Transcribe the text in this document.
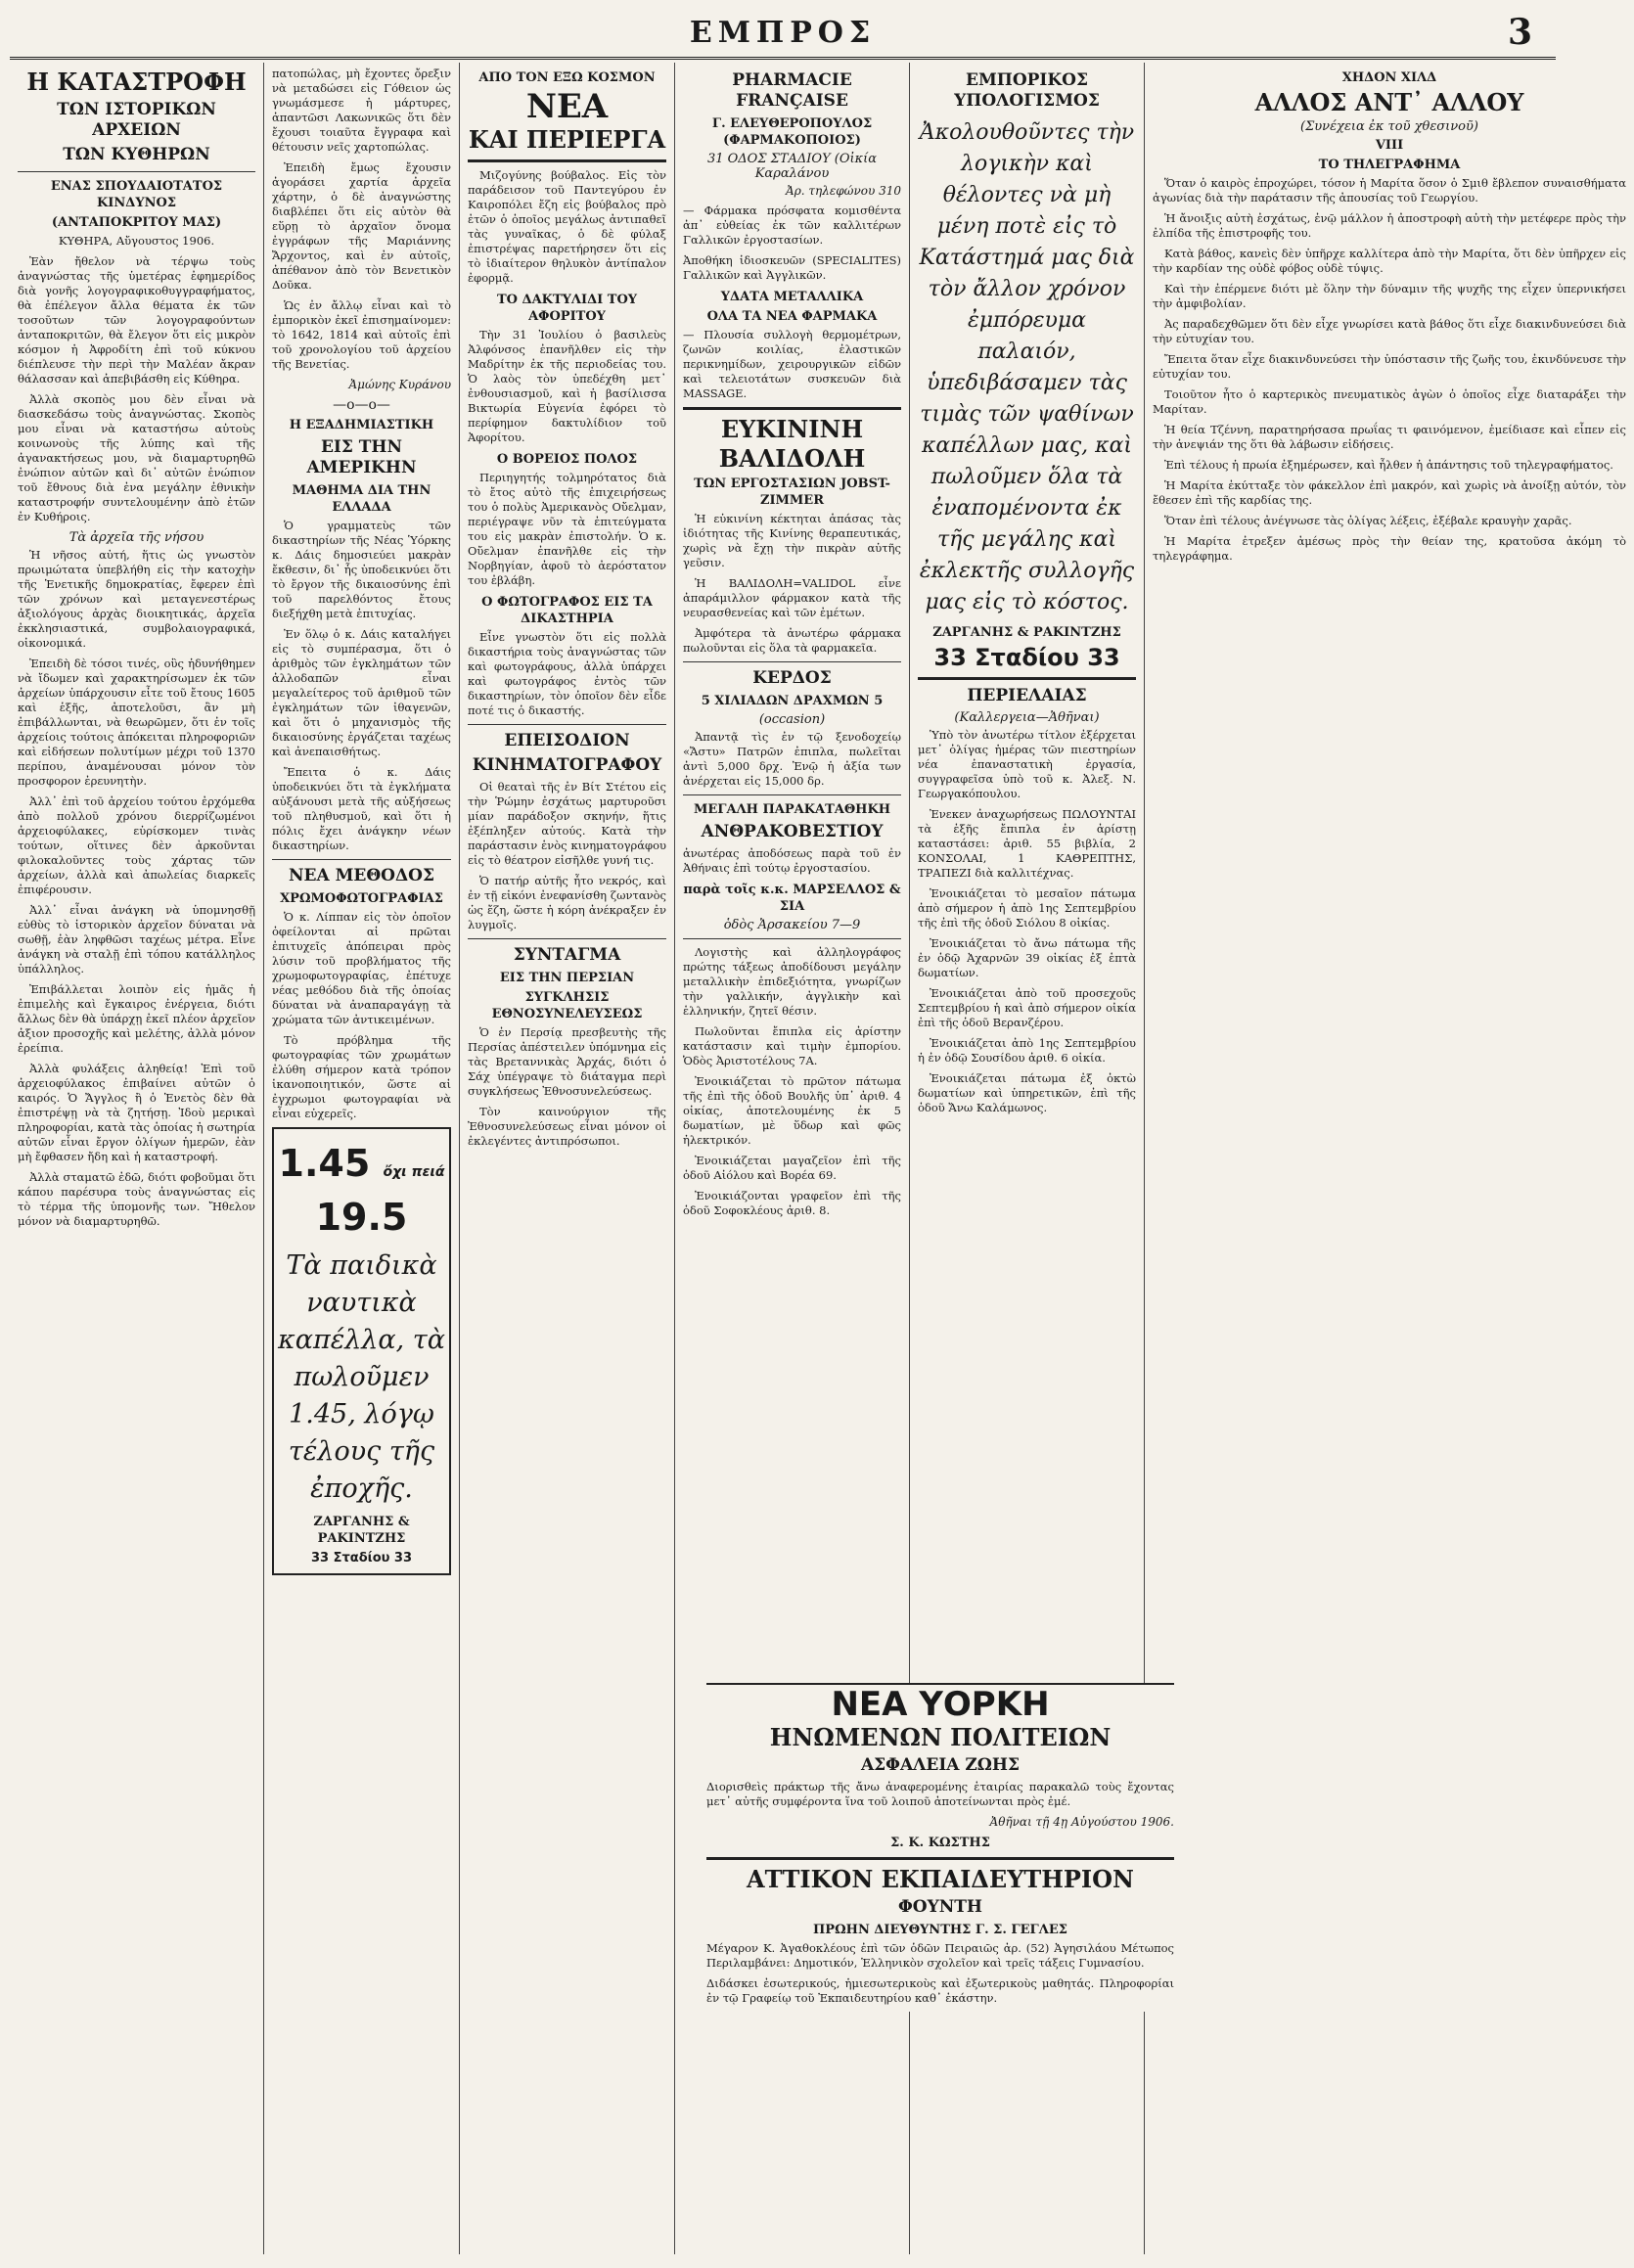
ΕΜΠΡΟΣ	3
Η ΚΑΤΑΣΤΡΟΦΗ
ΤΩΝ ΙΣΤΟΡΙΚΩΝ ΑΡΧΕΙΩΝ
ΤΩΝ ΚΥΘΗΡΩΝ
ΕΝΑΣ ΣΠΟΥΔΑΙΟΤΑΤΟΣ ΚΙΝΔΥΝΟΣ
(ΑΝΤΑΠΟΚΡΙΤΟΥ ΜΑΣ)

ΚΥΘΗΡΑ, Αὔγουστος 1906.

Ἐὰν ἤθελον νὰ τέρψω τοὺς ἀναγνώστας τῆς ὑμετέρας ἐφημερίδος διὰ γονῆς λογογραφικοθυγγραφήματος, θὰ ἐπέλεγον ἄλλα θέματα ἐκ τῶν τοσοῦτων τῶν λογογραφούντων ἀνταποκριτῶν, θὰ ἔλεγον ὅτι εἰς μικρὸν κόσμον ἡ Ἀφροδίτη ἐπὶ τοῦ κύκνου διέπλευσε τὴν περὶ τὴν Μαλέαν ἄκραν θάλασσαν καὶ ἀπεβιβάσθη εἰς Κύθηρα.

Ἀλλὰ σκοπὸς μου δὲν εἶναι νὰ διασκεδάσω τοὺς ἀναγνώστας. Σκοπὸς μου εἶναι νὰ καταστήσω αὐτοὺς κοινωνοὺς τῆς λύπης καὶ τῆς ἀγανακτήσεως μου, νὰ διαμαρτυρηθῶ ἐνώπιον αὐτῶν καὶ δι᾽ αὐτῶν ἐνώπιον τοῦ ἔθνους διὰ ἐνα μεγάλην ἐθνικὴν καταστροφήν συντελουμένην ἀπὸ ἐτῶν ἐν Κυθήροις.

Τὰ ἀρχεῖα τῆς νήσου

Ἡ νῆσος αὐτή, ἥτις ὡς γνωστὸν πρωιμώτατα ὑπεβλήθη εἰς τὴν κατοχὴν τῆς Ἑνετικῆς δημοκρατίας, ἔφερεν ἐπὶ τῶν χρόνων καὶ μεταγενεστέρως ἀξιολόγους ἀρχὰς διοικητικάς, ἀρχεῖα ἐκκλησιαστικά, συμβολαιογραφικά, οἰκονομικά.

Ἐπειδὴ δὲ τόσοι τινές, οὓς ἠδυνήθημεν νὰ ἴδωμεν καὶ χαρακτηρίσωμεν ἐκ τῶν ἀρχείων ὑπάρχουσιν εἶτε τοῦ ἔτους 1605 καὶ ἑξῆς, ἀποτελοῦσι, ἂν μὴ ἐπιβάλλωνται, νὰ θεωρῶμεν, ὅτι ἐν τοῖς ἀρχείοις τούτοις ἀπόκειται πληροφοριῶν καὶ εἰδήσεων πολυτίμων μέχρι τοῦ 1370 περίπου, ἀναμένουσαι μόνον τὸν προσφορον ἐρευνητὴν.

Ἀλλ᾽ ἐπὶ τοῦ ἀρχείου τούτου ἐρχόμεθα ἀπὸ πολλοῦ χρόνου διερρίζωμένοι ἀρχειοφύλακες, εὑρίσκομεν τινὰς τούτων, οἵτινες δὲν ἀρκοῦνται φιλοκαλοῦντες τοὺς χάρτας τῶν ἀρχείων, ἀλλὰ καὶ ἀπωλείας διαρκεῖς ἐπιφέρουσιν.

Ἀλλ᾽ εἶναι ἀνάγκη νὰ ὑπομνησθῇ εὐθὺς τὸ ἱστορικὸν ἀρχεῖον δύναται νὰ σωθῇ, ἐὰν ληφθῶσι ταχέως μέτρα. Εἶνε ἀνάγκη νὰ σταλῇ ἐπὶ τόπου κατάλληλος ὑπάλληλος.

Ἐπιβάλλεται λοιπὸν εἰς ἡμᾶς ἡ ἐπιμελὴς καὶ ἔγκαιρος ἐνέργεια, διότι ἄλλως δὲν θὰ ὑπάρχῃ ἐκεῖ πλέον ἀρχεῖον ἀξιον προσοχῆς καὶ μελέτης, ἀλλὰ μόνον ἐρείπια.

Ἀλλὰ φυλάξεις ἀληθείᾳ! Ἐπὶ τοῦ ἀρχειοφύλακος ἐπιβαίνει αὐτῶν ὁ καιρός. Ὁ Ἄγγλος ἢ ὁ Ἑνετὸς δὲν θὰ ἐπιστρέψῃ νὰ τὰ ζητήσῃ. Ἰδοὺ μερικαὶ πληροφορίαι, κατὰ τὰς ὁποίας ἡ σωτηρία αὐτῶν εἶναι ἔργον ὀλίγων ἡμερῶν, ἐὰν μὴ ἔφθασεν ἤδη καὶ ἡ καταστροφή.

Ἀλλὰ σταματῶ ἐδῶ, διότι φοβοῦμαι ὅτι κάπου παρέσυρα τοὺς ἀναγνώστας εἰς τὸ τέρμα τῆς ὑπομονῆς των. Ἤθελον μόνον νὰ διαμαρτυρηθῶ.

πατοπώλας, μὴ ἔχοντες ὄρεξιν νὰ μεταδώσει εἰς Γόθειον ὡς γνωμάσμεσε ἡ μάρτυρες, ἀπαντῶσι Λακωνικῶς ὅτι δὲν ἔχουσι τοιαῦτα ἔγγραφα καὶ θέτουσιν νεῖς χαρτοπώλας.

Ἐπειδὴ ἔμως ἔχουσιν ἀγοράσει χαρτία ἀρχεῖα χάρτην, ὁ δὲ ἀναγνώστης διαβλέπει ὅτι εἰς αὐτὸν θὰ εὕρῃ τὸ ἀρχαῖον ὄνομα ἐγγράφων τῆς Μαριάννης Ἄρχοντος, καὶ ἐν αὐτοῖς, ἀπέθανον ἀπὸ τὸν Βενετικὸν Δοῦκα.

Ὡς ἐν ἄλλῳ εἶναι καὶ τὸ ἐμπορικὸν ἐκεῖ ἐπισημαίνομεν: τὸ 1642, 1814 καὶ αὐτοῖς ἐπὶ τοῦ χρονολογίου τοῦ ἀρχείου τῆς Βενετίας.

Ἀμώνης Κυράνου
—ο—ο—
Η ΕΞΑΔΗΜΙΑΣΤΙΚΗ
ΕΙΣ ΤΗΝ ΑΜΕΡΙΚΗΝ
ΜΑΘΗΜΑ ΔΙΑ ΤΗΝ ΕΛΛΑΔΑ

Ὁ γραμματεὺς τῶν δικαστηρίων τῆς Νέας Ὑόρκης κ. Δάις δημοσιεύει μακρὰν ἔκθεσιν, δι᾽ ἧς ὑποδεικνύει ὅτι τὸ ἔργον τῆς δικαιοσύνης ἐπὶ τοῦ παρελθόντος ἔτους διεξήχθη μετὰ ἐπιτυχίας.

Ἐν ὅλῳ ὁ κ. Δάις καταλήγει εἰς τὸ συμπέρασμα, ὅτι ὁ ἀριθμὸς τῶν ἐγκλημάτων τῶν ἀλλοδαπῶν εἶναι μεγαλείτερος τοῦ ἀριθμοῦ τῶν ἐγκλημάτων τῶν ἰθαγενῶν, καὶ ὅτι ὁ μηχανισμὸς τῆς δικαιοσύνης ἐργάζεται ταχέως καὶ ἀνεπαισθήτως.

Ἔπειτα ὁ κ. Δάις ὑποδεικνύει ὅτι τὰ ἐγκλήματα αὐξάνουσι μετὰ τῆς αὐξήσεως τοῦ πληθυσμοῦ, καὶ ὅτι ἡ πόλις ἔχει ἀνάγκην νέων δικαστηρίων.

ΝΕΑ ΜΕΘΟΔΟΣ
ΧΡΩΜΟΦΩΤΟΓΡΑΦΙΑΣ

Ὁ κ. Λίππαν εἰς τὸν ὁποῖον ὀφείλονται αἱ πρῶται ἐπιτυχεῖς ἀπόπειραι πρὸς λύσιν τοῦ προβλήματος τῆς χρωμοφωτογραφίας, ἐπέτυχε νέας μεθόδου διὰ τῆς ὁποίας δύναται νὰ ἀναπαραγάγῃ τὰ χρώματα τῶν ἀντικειμένων.

Τὸ πρόβλημα τῆς φωτογραφίας τῶν χρωμάτων ἐλύθη σήμερον κατὰ τρόπον ἱκανοποιητικόν, ὥστε αἱ ἐγχρωμοι φωτογραφίαι νὰ εἶναι εὐχερεῖς.

1.45 ὄχι πειά 19.5
Τὰ παιδικὰ ναυτικὰ καπέλλα, τὰ πωλοῦμεν 1.45, λόγῳ τέλους τῆς ἐποχῆς.
ΖΑΡΓΑΝΗΣ & ΡΑΚΙΝΤΖΗΣ
33 Σταδίου 33
ΑΠΟ ΤΟΝ ΕΞΩ ΚΟΣΜΟΝ
ΝΕΑ
ΚΑΙ ΠΕΡΙΕΡΓΑ

Μιζογύνης βούβαλος. Εἰς τὸν παράδεισον τοῦ Παντεγύρου ἐν Καιροπόλει ἔζη εἰς βούβαλος πρὸ ἐτῶν ὁ ὁποῖος μεγάλως ἀντιπαθεῖ τὰς γυναῖκας, ὁ δὲ φύλαξ ἐπιστρέψας παρετήρησεν ὅτι εἰς τὸ ἰδιαίτερον θηλυκὸν ἀντίπαλον ἐφορμᾷ.

ΤΟ ΔΑΚΤΥΛΙΔΙ ΤΟΥ ΑΦΟΡΙΤΟΥ

Τὴν 31 Ἰουλίου ὁ βασιλεὺς Ἀλφόνσος ἐπανῆλθεν εἰς τὴν Μαδρίτην ἐκ τῆς περιοδείας του. Ὁ λαὸς τὸν ὑπεδέχθη μετ᾽ ἐνθουσιασμοῦ, καὶ ἡ βασίλισσα Βικτωρία Εὐγενία ἐφόρει τὸ περίφημον δακτυλίδιον τοῦ Ἀφορίτου.

Ο ΒΟΡΕΙΟΣ ΠΟΛΟΣ

Περιηγητής τολμηρότατος διὰ τὸ ἔτος αὐτὸ τῆς ἐπιχειρήσεως του ὁ πολὺς Ἀμερικανὸς Οὔελμαν, περιέγραψε νῦν τὰ ἐπιτεύγματα του εἰς μακρὰν ἐπιστολήν. Ὁ κ. Οὔελμαν ἐπανῆλθε εἰς τὴν Νορβηγίαν, ἀφοῦ τὸ ἀερόστατον του ἐβλάβη.

Ο ΦΩΤΟΓΡΑΦΟΣ ΕΙΣ ΤΑ ΔΙΚΑΣΤΗΡΙΑ

Εἶνε γνωστὸν ὅτι εἰς πολλὰ δικαστήρια τοὺς ἀναγνώστας τῶν καὶ φωτογράφους, ἀλλὰ ὑπάρχει καὶ φωτογράφος ἐντὸς τῶν δικαστηρίων, τὸν ὁποῖον δὲν εἶδε ποτέ τις ὁ δικαστής.

ΕΠΕΙΣΟΔΙΟΝ
ΚΙΝΗΜΑΤΟΓΡΑΦΟΥ

Οἱ θεαταὶ τῆς ἐν Βίτ Στέτου εἰς τὴν Ῥώμην ἐσχάτως μαρτυροῦσι μίαν παράδοξον σκηνήν, ἥτις ἐξέπληξεν αὐτούς. Κατὰ τὴν παράστασιν ἑνὸς κινηματογράφου εἰς τὸ θέατρον εἰσῆλθε γυνή τις.

Ὁ πατήρ αὐτῆς ἦτο νεκρός, καὶ ἐν τῇ εἰκόνι ἐνεφανίσθη ζωντανὸς ὡς ἔζη, ὥστε ἡ κόρη ἀνέκραξεν ἐν λυγμοῖς.

ΣΥΝΤΑΓΜΑ
ΕΙΣ ΤΗΝ ΠΕΡΣΙΑΝ
ΣΥΓΚΛΗΣΙΣ ΕΘΝΟΣΥΝΕΛΕΥΣΕΩΣ

Ὁ ἐν Περσίᾳ πρεσβευτὴς τῆς Περσίας ἀπέστειλεν ὑπόμνημα εἰς τὰς Βρεταννικὰς Ἀρχάς, διότι ὁ Σάχ ὑπέγραψε τὸ διάταγμα περὶ συγκλήσεως Ἐθνοσυνελεύσεως.

Τὸν καινούργιον τῆς Ἐθνοσυνελεύσεως εἶναι μόνον οἱ ἐκλεγέντες ἀντιπρόσωποι.

PHARMACIE FRANÇAISE
Γ. ΕΛΕΥΘΕΡΟΠΟΥΛΟΣ (ΦΑΡΜΑΚΟΠΟΙΟΣ)
31 ΟΔΟΣ ΣΤΑΔΙΟΥ (Οἰκία Καραλάνου
Ἀρ. τηλεφώνου 310

— Φάρμακα πρόσφατα κομισθέντα ἀπ᾽ εὐθείας ἐκ τῶν καλλιτέρων Γαλλικῶν ἐργοστασίων.

Ἀποθήκη ἰδιοσκευῶν (SPECIALITES) Γαλλικῶν καὶ Ἀγγλικῶν.

ΥΔΑΤΑ ΜΕΤΑΛΛΙΚΑ
ΟΛΑ ΤΑ ΝΕΑ ΦΑΡΜΑΚΑ

— Πλουσία συλλογὴ θερμομέτρων, ζωνῶν κοιλίας, ἐλαστικῶν περικνημίδων, χειρουργικῶν εἰδῶν καὶ τελειοτάτων συσκευῶν διὰ MASSAGE.

ΕΥΚΙΝΙΝΗ
ΒΑΛΙΔΟΛΗ
ΤΩΝ ΕΡΓΟΣΤΑΣΙΩΝ JOBST-ZIMMER

Ἡ εὐκινίνη κέκτηται ἁπάσας τὰς ἰδιότητας τῆς Κινίνης θεραπευτικάς, χωρὶς νὰ ἔχῃ τὴν πικρὰν αὐτῆς γεῦσιν.

Ἡ ΒΑΛΙΔΟΛΗ=VALIDOL εἶνε ἀπαράμιλλον φάρμακον κατὰ τῆς νευρασθενείας καὶ τῶν ἐμέτων.

Ἀμφότερα τὰ ἀνωτέρω φάρμακα πωλοῦνται εἰς ὅλα τὰ φαρμακεῖα.

ΚΕΡΔΟΣ
5 ΧΙΛΙΑΔΩΝ ΔΡΑΧΜΩΝ 5
(occasion)

Ἀπαντᾷ τὶς ἐν τῷ ξενοδοχείῳ «Ἄστυ» Πατρῶν ἐπιπλα, πωλεῖται ἀντὶ 5,000 δρχ. Ἐνῷ ἡ ἀξία των ἀνέρχεται εἰς 15,000 δρ.

ΜΕΓΑΛΗ ΠΑΡΑΚΑΤΑΘΗΚΗ
ΑΝΘΡΑΚΟΒΕΣΤΙΟΥ

ἀνωτέρας ἀποδόσεως παρὰ τοῦ ἐν Ἀθήναις ἐπὶ τούτῳ ἐργοστασίου.

παρὰ τοῖς κ.κ. ΜΑΡΣΕΛΛΟΣ & ΣΙΑ
ὁδὸς Ἀρσακείου 7—9

Λογιστὴς καὶ ἀλληλογράφος πρώτης τάξεως ἀποδίδουσι μεγάλην μεταλλικὴν ἐπιδεξιότητα, γνωρίζων τὴν γαλλικήν, ἀγγλικὴν καὶ ἑλληνικήν, ζητεῖ θέσιν.

Πωλοῦνται ἔπιπλα εἰς ἀρίστην κατάστασιν καὶ τιμὴν ἐμπορίου. Ὁδὸς Ἀριστοτέλους 7Α.

Ἐνοικιάζεται τὸ πρῶτον πάτωμα τῆς ἐπὶ τῆς ὁδοῦ Βουλῆς ὑπ᾽ ἀριθ. 4 οἰκίας, ἀποτελουμένης ἐκ 5 δωματίων, μὲ ὕδωρ καὶ φῶς ἠλεκτρικόν.

Ἐνοικιάζεται μαγαζεῖον ἐπὶ τῆς ὁδοῦ Αἰόλου καὶ Βορέα 69.

Ἐνοικιάζονται γραφεῖον ἐπὶ τῆς ὁδοῦ Σοφοκλέους ἀριθ. 8.

ΕΜΠΟΡΙΚΟΣ ΥΠΟΛΟΓΙΣΜΟΣ
Ἀκολουθοῦντες τὴν λογικὴν καὶ θέλοντες νὰ μὴ μένη ποτὲ εἰς τὸ Κατάστημά μας διὰ τὸν ἄλλον χρόνον ἐμπόρευμα παλαιόν, ὑπεδιβάσαμεν τὰς τιμὰς τῶν ψαθίνων καπέλλων μας, καὶ πωλοῦμεν ὅλα τὰ ἐναπομένοντα ἐκ τῆς μεγάλης καὶ ἐκλεκτῆς συλλογῆς μας εἰς τὸ κόστος.
ΖΑΡΓΑΝΗΣ & ΡΑΚΙΝΤΖΗΣ
33 Σταδίου 33
ΠΕΡΙΕΛΑΙΑΣ
(Καλλεργεια—Ἀθῆναι)

Ὑπὸ τὸν ἀνωτέρω τίτλον ἐξέρχεται μετ᾽ ὀλίγας ἡμέρας τῶν πιεστηρίων νέα ἐπαναστατικὴ ἐργασία, συγγραφεῖσα ὑπὸ τοῦ κ. Ἀλεξ. Ν. Γεωργακόπουλου.

Ἐνεκεν ἀναχωρήσεως ΠΩΛΟΥΝΤΑΙ τὰ ἑξῆς ἔπιπλα ἐν ἀρίστῃ καταστάσει: ἀριθ. 55 βιβλία, 2 ΚΟΝΣΟΛΑΙ, 1 ΚΑΘΡΕΠΤΗΣ, ΤΡΑΠΕΖΙ διὰ καλλιτέχνας.

Ἐνοικιάζεται τὸ μεσαῖον πάτωμα ἀπὸ σήμερον ἡ ἀπὸ 1ης Σεπτεμβρίου τῆς ἐπὶ τῆς ὁδοῦ Σιόλου 8 οἰκίας.

Ἐνοικιάζεται τὸ ἄνω πάτωμα τῆς ἐν ὁδῷ Ἀχαρνῶν 39 οἰκίας ἐξ ἑπτὰ δωματίων.

Ἐνοικιάζεται ἀπὸ τοῦ προσεχοῦς Σεπτεμβρίου ἡ καὶ ἀπὸ σήμερον οἰκία ἐπὶ τῆς ὁδοῦ Βερανζέρου.

Ἐνοικιάζεται ἀπὸ 1ης Σεπτεμβρίου ἡ ἐν ὁδῷ Σουσίδου ἀριθ. 6 οἰκία.

Ἐνοικιάζεται πάτωμα ἐξ ὀκτὼ δωματίων καὶ ὑπηρετικῶν, ἐπὶ τῆς ὁδοῦ Ἄνω Καλάμωνος.

ΧΗΔΟΝ ΧΙΛΔ
ΑΛΛΟΣ ΑΝΤ᾽ ΑΛΛΟΥ
(Συνέχεια ἐκ τοῦ χθεσινοῦ)
VIII
ΤΟ ΤΗΛΕΓΡΑΦΗΜΑ

Ὅταν ὁ καιρὸς ἐπροχώρει, τόσον ἡ Μαρίτα ὅσον ὁ Σμιθ ἔβλεπον συναισθήματα ἀγωνίας διὰ τὴν παράτασιν τῆς ἀπουσίας τοῦ Γεωργίου.

Ἡ ἄνοιξις αὐτὴ ἐσχάτως, ἐνῷ μάλλον ἡ ἀποστροφὴ αὐτὴ τὴν μετέφερε πρὸς τὴν ἐλπίδα τῆς ἐπιστροφῆς του.

Κατὰ βάθος, κανεὶς δὲν ὑπῆρχε καλλίτερα ἀπὸ τὴν Μαρίτα, ὅτι δὲν ὑπῆρχεν εἰς τὴν καρδίαν της οὐδὲ φόβος οὐδὲ τύψις.

Καὶ τὴν ἐπέρμενε διότι μὲ ὅλην τὴν δύναμιν τῆς ψυχῆς της εἶχεν ὑπερνικήσει τὴν ἀμφιβολίαν.

Ἀς παραδεχθῶμεν ὅτι δὲν εἶχε γνωρίσει κατὰ βάθος ὅτι εἶχε διακινδυνεύσει διὰ τὴν εὐτυχίαν του.

Ἔπειτα ὅταν εἶχε διακινδυνεύσει τὴν ὑπόστασιν τῆς ζωῆς του, ἐκινδύνευσε τὴν εὐτυχίαν του.

Τοιοῦτον ἦτο ὁ καρτερικὸς πνευματικὸς ἀγὼν ὁ ὁποῖος εἶχε διαταράξει τὴν Μαρίταν.

Ἡ θεία Τζέννη, παρατηρήσασα πρωΐας τι φαινόμενον, ἐμείδιασε καὶ εἶπεν εἰς τὴν ἀνεψιάν της ὅτι θὰ λάβωσιν εἰδήσεις.

Ἐπὶ τέλους ἡ πρωία ἐξημέρωσεν, καὶ ἦλθεν ἡ ἀπάντησις τοῦ τηλεγραφήματος.

Ἡ Μαρίτα ἐκύτταξε τὸν φάκελλον ἐπὶ μακρόν, καὶ χωρὶς νὰ ἀνοίξῃ αὐτόν, τὸν ἔθεσεν ἐπὶ τῆς καρδίας της.

Ὅταν ἐπὶ τέλους ἀνέγνωσε τὰς ὀλίγας λέξεις, ἐξέβαλε κραυγὴν χαρᾶς.

Ἡ Μαρίτα ἐτρεξεν ἀμέσως πρὸς τὴν θείαν της, κρατοῦσα ἀκόμη τὸ τηλεγράφημα.

ΝΕΑ ΥΟΡΚΗ
ΗΝΩΜΕΝΩΝ ΠΟΛΙΤΕΙΩΝ
ΑΣΦΑΛΕΙΑ ΖΩΗΣ

Διορισθεὶς πράκτωρ τῆς ἄνω ἀναφερομένης ἑταιρίας παρακαλῶ τοὺς ἔχοντας μετ᾽ αὐτῆς συμφέροντα ἵνα τοῦ λοιποῦ ἀποτείνωνται πρὸς ἐμέ.

Ἀθῆναι τῇ 4ῃ Αὐγούστου 1906.
Σ. Κ. ΚΩΣΤΗΣ
ΑΤΤΙΚΟΝ ΕΚΠΑΙΔΕΥΤΗΡΙΟΝ
ΦΟΥΝΤΗ
ΠΡΩΗΝ ΔΙΕΥΘΥΝΤΗΣ Γ. Σ. ΓΕΓΛΕΣ

Μέγαρον Κ. Ἀγαθοκλέους ἐπὶ τῶν ὁδῶν Πειραιῶς ἀρ. (52) Ἀγησιλάου Μέτωπος Περιλαμβάνει: Δημοτικόν, Ἑλληνικὸν σχολεῖον καὶ τρεῖς τάξεις Γυμνασίου.

Διδάσκει ἐσωτερικούς, ἡμιεσωτερικοὺς καὶ ἐξωτερικοὺς μαθητάς. Πληροφορίαι ἐν τῷ Γραφείῳ τοῦ Ἐκπαιδευτηρίου καθ᾽ ἑκάστην.
